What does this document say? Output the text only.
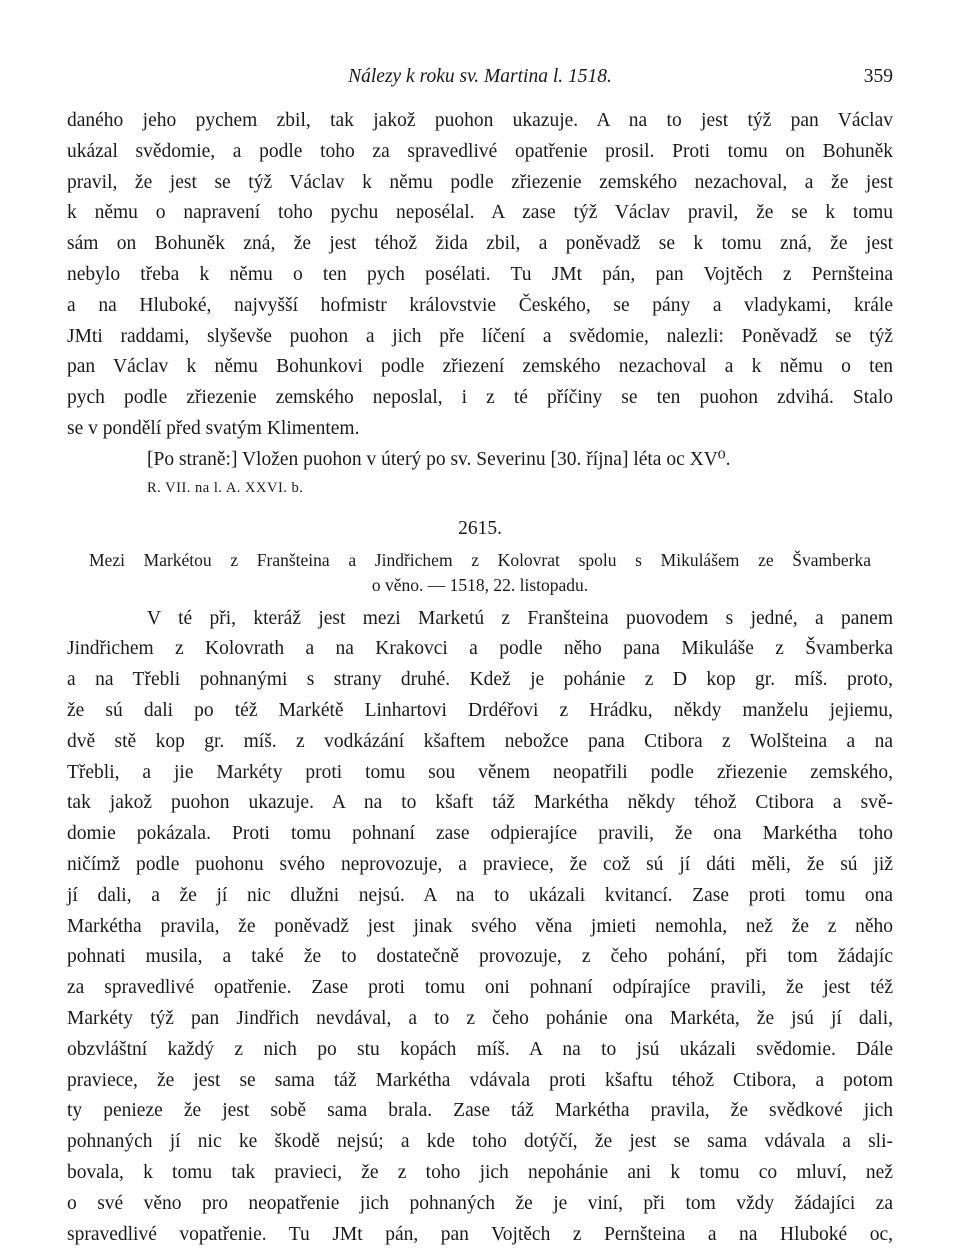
Nálezy k roku sv. Martina l. 1518.	359
daného jeho pychem zbil, tak jakož puohon ukazuje. A na to jest týž pan Václav
ukázal svědomie, a podle toho za spravedlivé opatřenie prosil. Proti tomu on Bohuněk
pravil, že jest se týž Václav k němu podle zřiezenie zemského nezachoval, a že jest
k němu o napravení toho pychu neposélal. A zase týž Václav pravil, že se k tomu
sám on Bohuněk zná, že jest téhož žida zbil, a poněvadž se k tomu zná, že jest
nebylo třeba k němu o ten pych posélati. Tu JMt pán, pan Vojtěch z Pernšteina
a na Hluboké, najvyšší hofmistr královstvie Českého, se pány a vladykami, krále
JMti raddami, slyševše puohon a jich pře líčení a svědomie, nalezli: Poněvadž se týž
pan Václav k němu Bohunkovi podle zřiezení zemského nezachoval a k němu o ten
pych podle zřiezenie zemského neposlal, i z té příčiny se ten puohon zdvihá. Stalo
se v pondělí před svatým Klimentem.
[Po straně:] Vložen puohon v úterý po sv. Severinu [30. října] léta oc XV⁰.
R. VII. na l. A. XXVI. b.
2615.
Mezi Markétou z Franšteina a Jindřichem z Kolovrat spolu s Mikulášem ze Švamberka
o věno. — 1518, 22. listopadu.
V té při, kteráž jest mezi Marketú z Franšteina puovodem s jedné, a panem
Jindřichem z Kolovrath a na Krakovci a podle něho pana Mikuláše z Švamberka
a na Třebli pohnanými s strany druhé. Kdež je pohánie z D kop gr. míš. proto,
že sú dali po též Markétě Linhartovi Drdéřovi z Hrádku, někdy manželu jejiemu,
dvě stě kop gr. míš. z vodkázání kšaftem nebožce pana Ctibora z Wolšteina a na
Třebli, a jie Markéty proti tomu sou věnem neopatřili podle zřiezenie zemského,
tak jakož puohon ukazuje. A na to kšaft táž Markétha někdy téhož Ctibora a svě-
domie pokázala. Proti tomu pohnaní zase odpierajíce pravili, že ona Markétha toho
ničímž podle puohonu svého neprovozuje, a praviece, že což sú jí dáti měli, že sú již
jí dali, a že jí nic dlužni nejsú. A na to ukázali kvitancí. Zase proti tomu ona
Markétha pravila, že poněvadž jest jinak svého věna jmieti nemohla, než že z něho
pohnati musila, a také že to dostatečně provozuje, z čeho pohání, při tom žádajíc
za spravedlivé opatřenie. Zase proti tomu oni pohnaní odpírajíce pravili, že jest též
Markéty týž pan Jindřich nevdával, a to z čeho pohánie ona Markéta, že jsú jí dali,
obzvláštní každý z nich po stu kopách míš. A na to jsú ukázali svědomie. Dále
praviece, že jest se sama táž Markétha vdávala proti kšaftu téhož Ctibora, a potom
ty penieze že jest sobě sama brala. Zase táž Markétha pravila, že svědkové jich
pohnaných jí nic ke škodě nejsú; a kde toho dotýčí, že jest se sama vdávala a sli-
bovala, k tomu tak pravieci, že z toho jich nepohánie ani k tomu co mluví, než
o své věno pro neopatřenie jich pohnaných že je viní, při tom vždy žádajíci za
spravedlivé vopatřenie. Tu JMt pán, pan Vojtěch z Pernšteina a na Hluboké oc,
